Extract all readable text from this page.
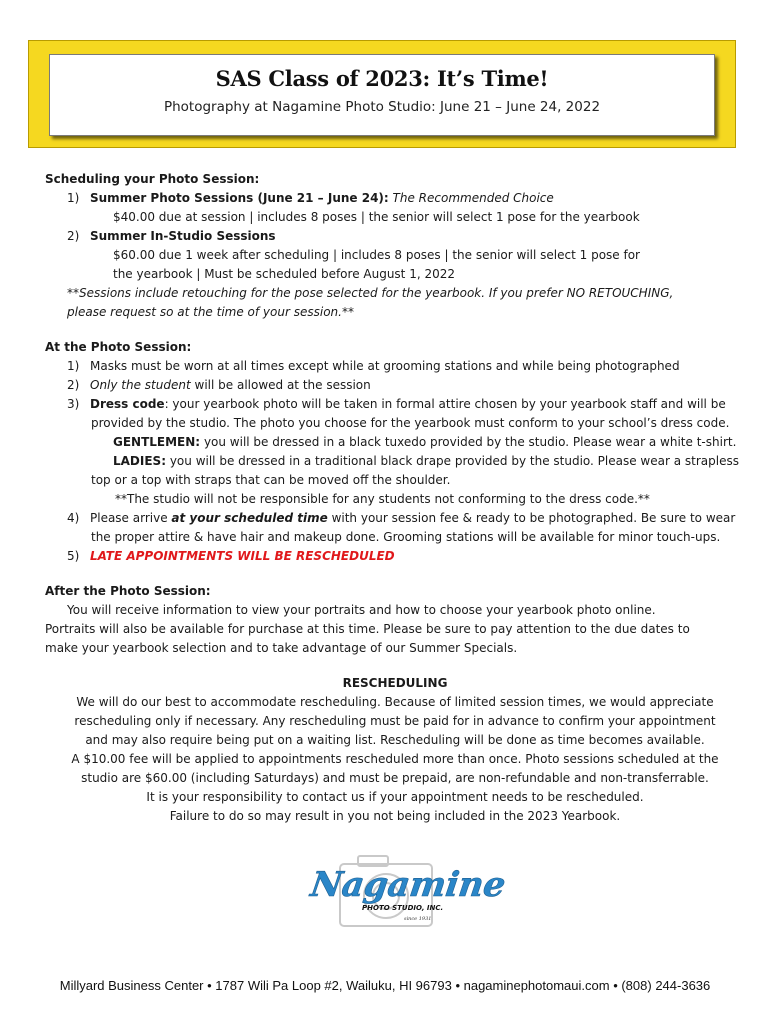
SAS Class of 2023: It’s Time!
Photography at Nagamine Photo Studio: June 21 – June 24, 2022
Scheduling your Photo Session:
1) Summer Photo Sessions (June 21 – June 24): The Recommended Choice
$40.00 due at session | includes 8 poses | the senior will select 1 pose for the yearbook
2) Summer In-Studio Sessions
$60.00 due 1 week after scheduling | includes 8 poses | the senior will select 1 pose for
the yearbook | Must be scheduled before August 1, 2022
**Sessions include retouching for the pose selected for the yearbook. If you prefer NO RETOUCHING,
please request so at the time of your session.**
At the Photo Session:
1) Masks must be worn at all times except while at grooming stations and while being photographed
2) Only the student will be allowed at the session
3) Dress code: your yearbook photo will be taken in formal attire chosen by your yearbook staff and will be
provided by the studio. The photo you choose for the yearbook must conform to your school’s dress code.
GENTLEMEN: you will be dressed in a black tuxedo provided by the studio. Please wear a white t-shirt.
LADIES: you will be dressed in a traditional black drape provided by the studio. Please wear a strapless
top or a top with straps that can be moved off the shoulder.
**The studio will not be responsible for any students not conforming to the dress code.**
4) Please arrive at your scheduled time with your session fee & ready to be photographed. Be sure to wear
the proper attire & have hair and makeup done. Grooming stations will be available for minor touch-ups.
5) LATE APPOINTMENTS WILL BE RESCHEDULED
After the Photo Session:
You will receive information to view your portraits and how to choose your yearbook photo online.
Portraits will also be available for purchase at this time. Please be sure to pay attention to the due dates to
make your yearbook selection and to take advantage of our Summer Specials.
RESCHEDULING
We will do our best to accommodate rescheduling. Because of limited session times, we would appreciate
rescheduling only if necessary. Any rescheduling must be paid for in advance to confirm your appointment
and may also require being put on a waiting list. Rescheduling will be done as time becomes available.
A $10.00 fee will be applied to appointments rescheduled more than once. Photo sessions scheduled at the
studio are $60.00 (including Saturdays) and must be prepaid, are non-refundable and non-transferrable.
It is your responsibility to contact us if your appointment needs to be rescheduled.
Failure to do so may result in you not being included in the 2023 Yearbook.
Nagamine
PHOTO STUDIO, INC.
since 1931
Millyard Business Center • 1787 Wili Pa Loop #2, Wailuku, HI 96793 • nagaminephotomaui.com • (808) 244-3636
